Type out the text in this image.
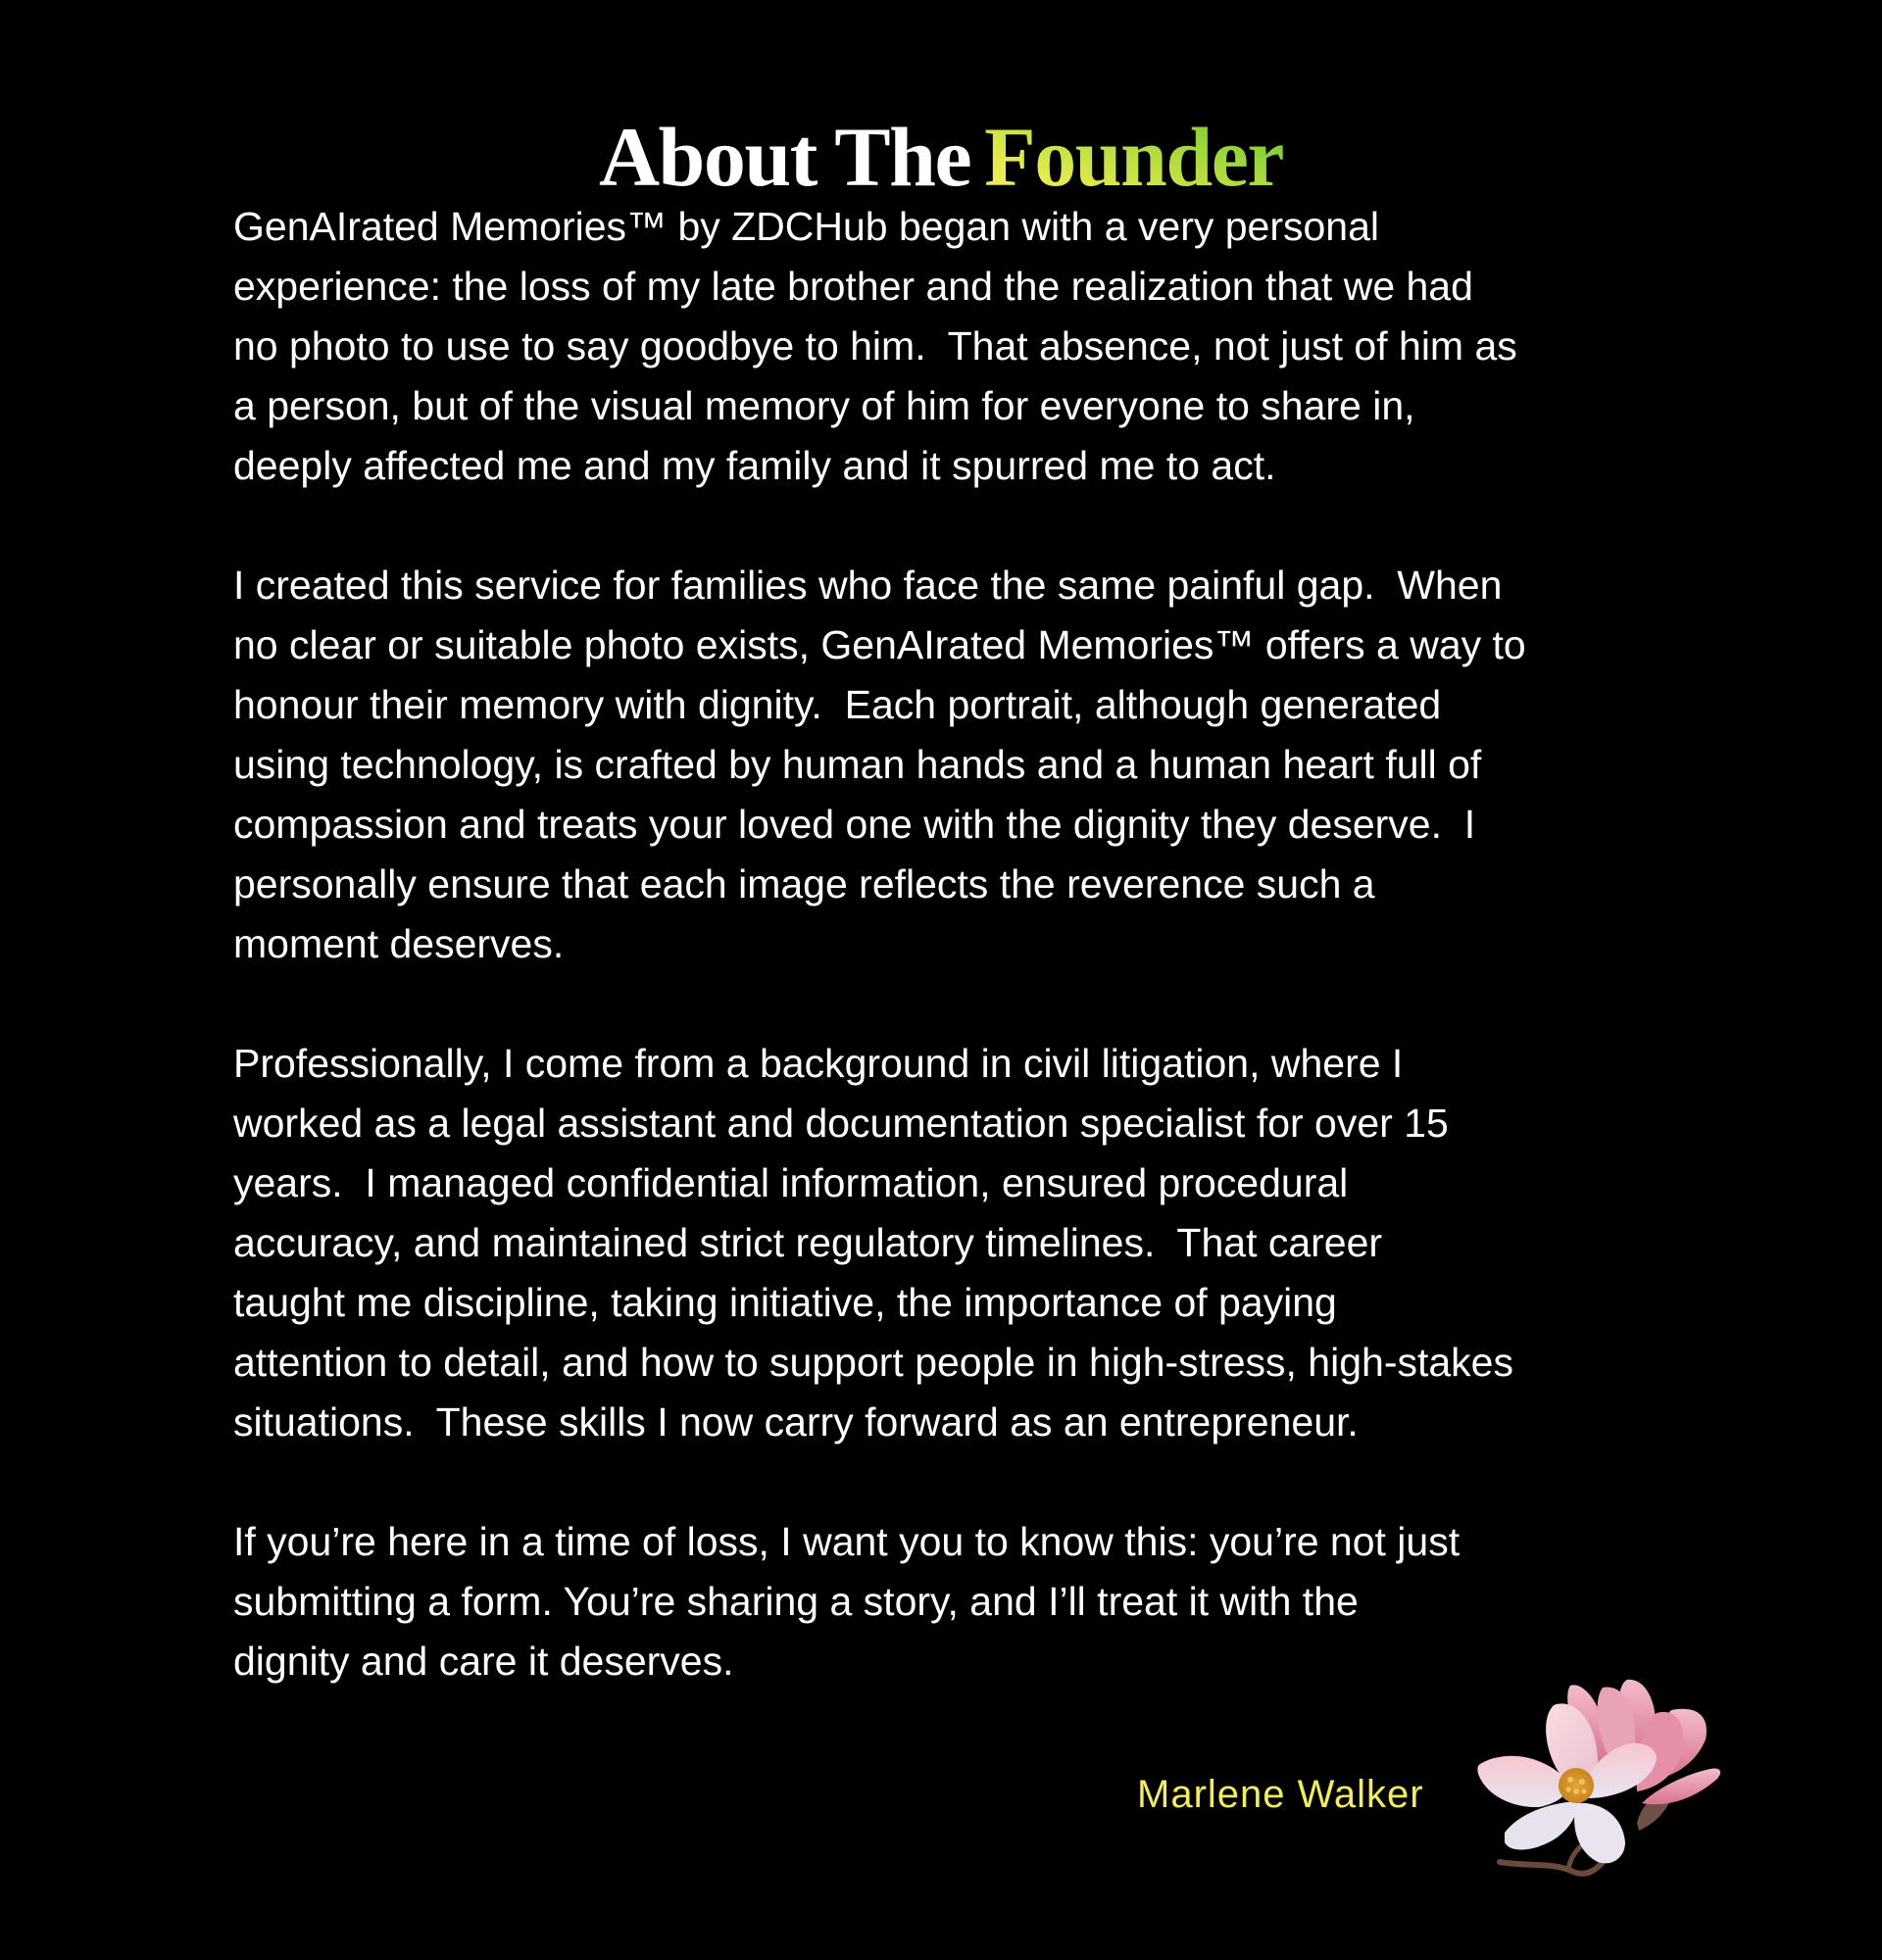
About The Founder

GenAIrated Memories™ by ZDCHub began with a very personal
experience: the loss of my late brother and the realization that we had
no photo to use to say goodbye to him.  That absence, not just of him as
a person, but of the visual memory of him for everyone to share in,
deeply affected me and my family and it spurred me to act.

I created this service for families who face the same painful gap.  When
no clear or suitable photo exists, GenAIrated Memories™ offers a way to
honour their memory with dignity.  Each portrait, although generated
using technology, is crafted by human hands and a human heart full of
compassion and treats your loved one with the dignity they deserve.  I
personally ensure that each image reflects the reverence such a
moment deserves.

Professionally, I come from a background in civil litigation, where I
worked as a legal assistant and documentation specialist for over 15
years.  I managed confidential information, ensured procedural
accuracy, and maintained strict regulatory timelines.  That career
taught me discipline, taking initiative, the importance of paying
attention to detail, and how to support people in high-stress, high-stakes
situations.  These skills I now carry forward as an entrepreneur.

If you’re here in a time of loss, I want you to know this: you’re not just
submitting a form. You’re sharing a story, and I’ll treat it with the
dignity and care it deserves.

Marlene Walker
